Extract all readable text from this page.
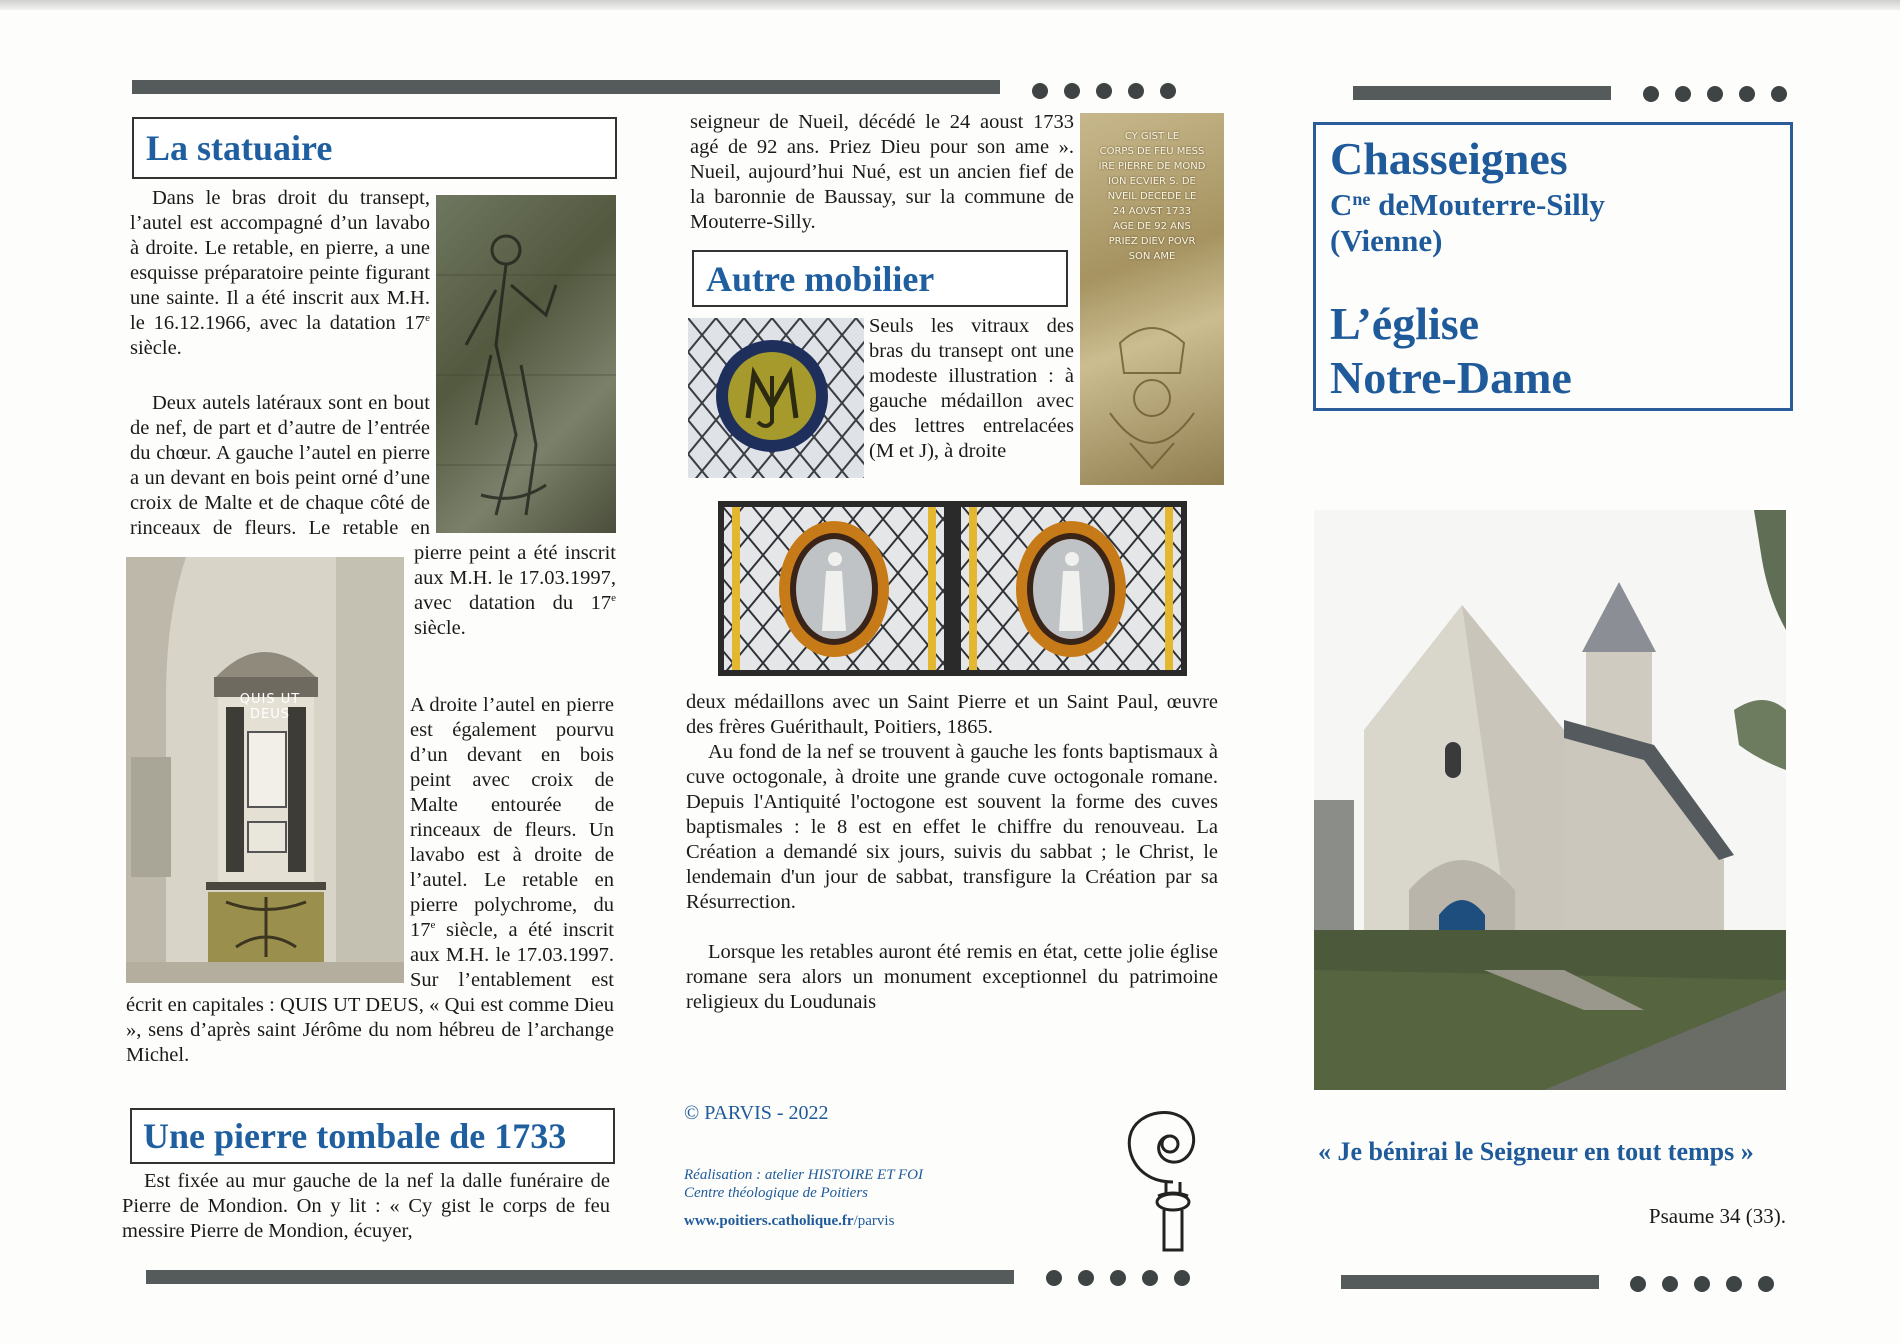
La statuaire

Dans le bras droit du transept, l’autel est accompagné d’un lavabo à droite. Le retable, en pierre, a une esquisse préparatoire peinte figurant une sainte. Il a été inscrit aux M.H. le 16.12.1966, avec la datation 17e siècle.

QUIS UT DEUS

Deux autels latéraux sont en bout de nef, de part et d’autre de l’entrée du chœur. A gauche l’autel en pierre a un devant en bois peint orné d’une croix de Malte et de chaque côté de rinceaux de fleurs. Le retable en pierre peint a été inscrit aux M.H. le 17.03.1997, avec datation du 17e siècle.

A droite l’autel en pierre est également pourvu d’un devant en bois peint avec croix de Malte entourée de rinceaux de fleurs. Un lavabo est à droite de l’autel. Le retable en pierre polychrome, du 17e siècle, a été inscrit aux M.H. le 17.03.1997. Sur l’entablement est écrit en capitales : QUIS UT DEUS, « Qui est comme Dieu », sens d’après saint Jérôme du nom hébreu de l’archange Michel.

Une pierre tombale de 1733

Est fixée au mur gauche de la nef la dalle funéraire de Pierre de Mondion. On y lit : « Cy gist le corps de feu messire Pierre de Mondion, écuyer,

seigneur de Nueil, décédé le 24 aoust 1733 agé de 92 ans. Priez Dieu pour son ame ». Nueil, aujourd’hui Nué, est un ancien fief de la baronnie de Baussay, sur la commune de Mouterre-Silly.

CY GIST LE
CORPS DE FEU MESS
IRE PIERRE DE MOND
ION ECVIER S. DE
NVEIL DECEDE LE
24 AOVST 1733
AGE DE 92 ANS
PRIEZ DIEV POVR
SON AME
Autre mobilier

Seuls les vitraux des bras du transept ont une modeste illustration : à gauche médaillon avec des lettres entrelacées (M et J), à droite

deux médaillons avec un Saint Pierre et un Saint Paul, œuvre des frères Guérithault, Poitiers, 1865.

Au fond de la nef se trouvent à gauche les fonts baptismaux à cuve octogonale, à droite une grande cuve octogonale romane. Depuis l'Antiquité l'octogone est souvent la forme des cuves baptismales : le 8 est en effet le chiffre du renouveau. La Création a demandé six jours, suivis du sabbat ; le Christ, le lendemain d'un jour de sabbat, transfigure la Création par sa Résurrection.

Lorsque les retables auront été remis en état, cette jolie église romane sera alors un monument exceptionnel du patrimoine religieux du Loudunais

© PARVIS - 2022
Réalisation : atelier HISTOIRE ET FOI
Centre théologique de Poitiers
www.poitiers.catholique.fr/parvis
Chasseignes
$C^{ne}$ deMouterre-Silly
(Vienne)
L’église
Notre-Dame
« Je bénirai le Seigneur en tout temps »
Psaume 34 (33).
